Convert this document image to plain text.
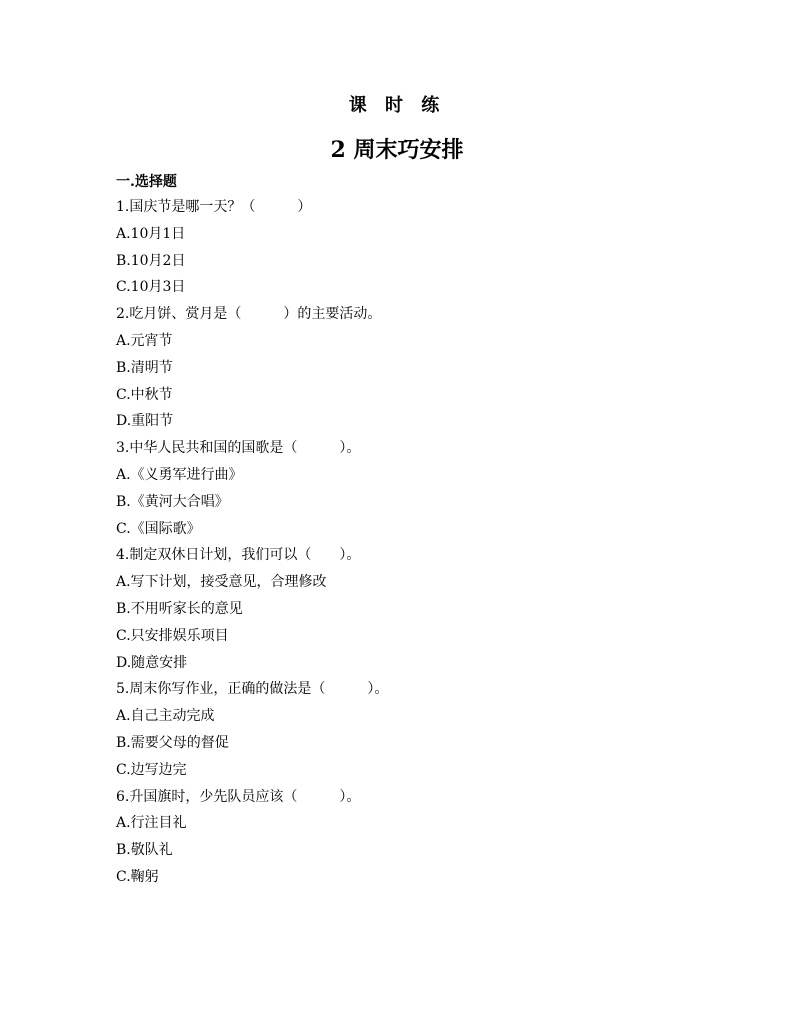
课 时 练
2 周末巧安排
一.选择题
1.国庆节是哪一天？（　　　）
A.10月1日
B.10月2日
C.10月3日
2.吃月饼、赏月是（　　　）的主要活动。
A.元宵节
B.清明节
C.中秋节
D.重阳节
3.中华人民共和国的国歌是（　　　）。
A.《义勇军进行曲》
B.《黄河大合唱》
C.《国际歌》
4.制定双休日计划，我们可以（　　）。
A.写下计划，接受意见，合理修改
B.不用听家长的意见
C.只安排娱乐项目
D.随意安排
5.周末你写作业，正确的做法是（　　　）。
A.自己主动完成
B.需要父母的督促
C.边写边完
6.升国旗时，少先队员应该（　　　）。
A.行注目礼
B.敬队礼
C.鞠躬
